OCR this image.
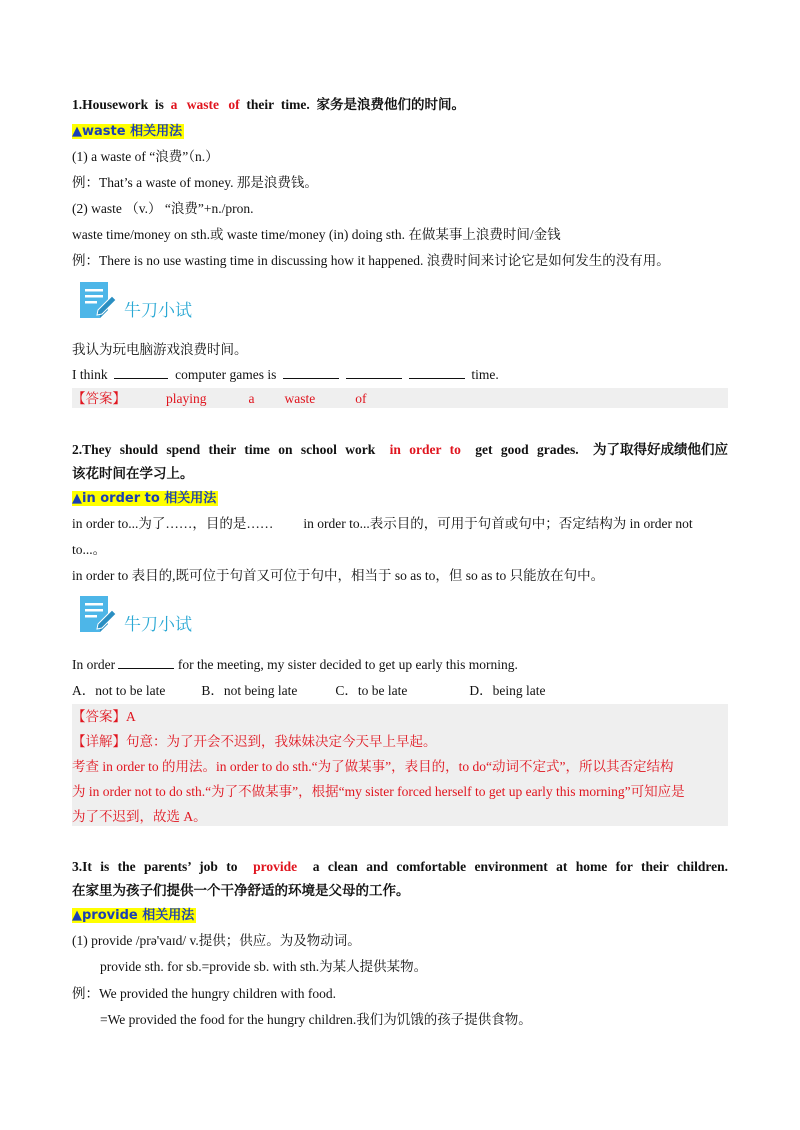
1.Housework is a waste of their time. 家务是浪费他们的时间。
▲waste 相关用法
(1) a waste of “浪费”（n.）
例：That’s a waste of money. 那是浪费钱。
(2) waste （v.） “浪费”+n./pron.
waste time/money on sth.或 waste time/money (in) doing sth. 在做某事上浪费时间/金钱
例：There is no use wasting time in discussing how it happened. 浪费时间来讨论它是如何发生的没有用。
牛刀小试
我认为玩电脑游戏浪费时间。
I think	computer games is	time.
【答案】	playing	a waste	of
2.They should spend their time on school work in order to get good grades. 为了取得好成绩他们应
该花时间在学习上。
▲in order to 相关用法
in order to...为了……，目的是…… in order to...表示目的，可用于句首或句中；否定结构为 in order not
to...。
in order to 表目的,既可位于句首又可位于句中，相当于 so as to，但 so as to 只能放在句中。
牛刀小试
In order	for the meeting, my sister decided to get up early this morning.
A．not to be late	B．not being late	C．to be late	D．being late
【答案】A
【详解】句意：为了开会不迟到，我妹妹决定今天早上早起。
考查 in order to 的用法。in order to do sth.“为了做某事”，表目的，to do“动词不定式”，所以其否定结构
为 in order not to do sth.“为了不做某事”，根据“my sister forced herself to get up early this morning”可知应是
为了不迟到，故选 A。
3.It is the parents’ job to provide a clean and comfortable environment at home for their children.
在家里为孩子们提供一个干净舒适的环境是父母的工作。
▲provide 相关用法
(1) provide /prə'vaɪd/ v.提供；供应。为及物动词。
provide sth. for sb.=provide sb. with sth.为某人提供某物。
例：We provided the hungry children with food.
=We provided the food for the hungry children.我们为饥饿的孩子提供食物。
